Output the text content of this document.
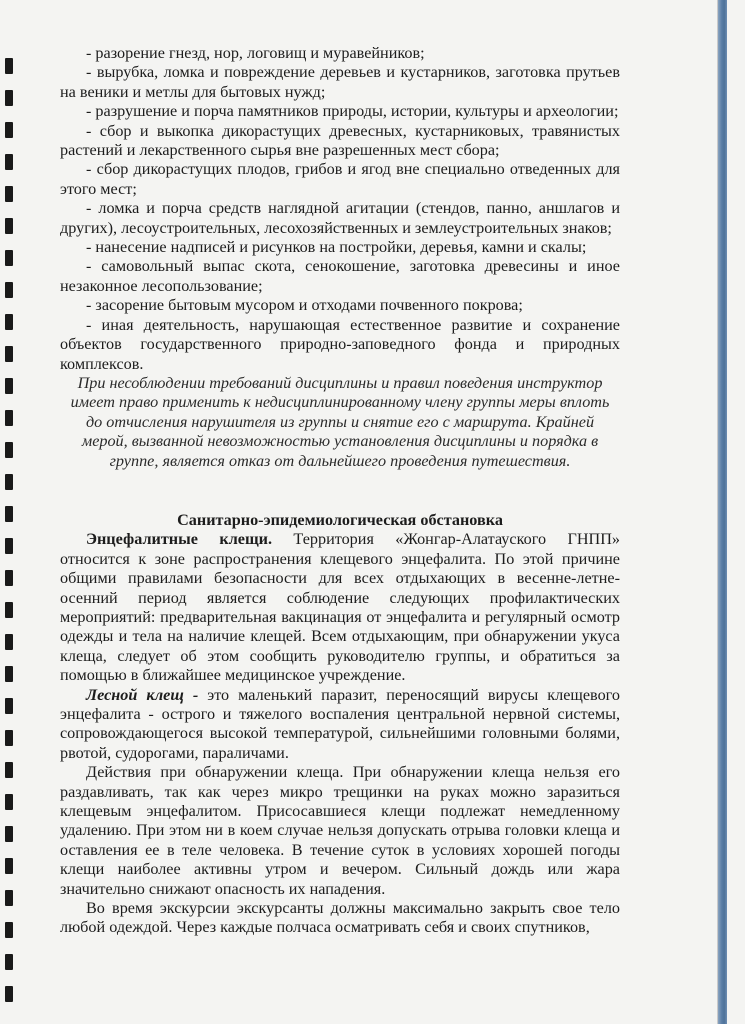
- разорение гнезд, нор, логовищ и муравейников;

- вырубка, ломка и повреждение деревьев и кустарников, заготовка прутьев на веники и метлы для бытовых нужд;

- разрушение и порча памятников природы, истории, культуры и археологии;

- сбор и выкопка дикорастущих древесных, кустарниковых, травянистых растений и лекарственного сырья вне разрешенных мест сбора;

- сбор дикорастущих плодов, грибов и ягод вне специально отведенных для этого мест;

- ломка и порча средств наглядной агитации (стендов, панно, аншлагов и других), лесоустроительных, лесохозяйственных и землеустроительных знаков;

- нанесение надписей и рисунков на постройки, деревья, камни и скалы;

- самовольный выпас скота, сенокошение, заготовка древесины и иное незаконное лесопользование;

- засорение бытовым мусором и отходами почвенного покрова;

- иная деятельность, нарушающая естественное развитие и сохранение объектов государственного природно-заповедного фонда и природных комплексов.

При несоблюдении требований дисциплины и правил поведения инструктор имеет право применить к недисциплинированному члену группы меры вплоть до отчисления нарушителя из группы и снятие его с маршрута. Крайней мерой, вызванной невозможностью установления дисциплины и порядка в группе, является отказ от дальнейшего проведения путешествия.

Санитарно-эпидемиологическая обстановка

Энцефалитные клещи. Территория «Жонгар-Алатауского ГНПП» относится к зоне распространения клещевого энцефалита. По этой причине общими правилами безопасности для всех отдыхающих в весенне-летне-осенний период является соблюдение следующих профилактических мероприятий: предварительная вакцинация от энцефалита и регулярный осмотр одежды и тела на наличие клещей. Всем отдыхающим, при обнаружении укуса клеща, следует об этом сообщить руководителю группы, и обратиться за помощью в ближайшее медицинское учреждение.

Лесной клещ - это маленький паразит, переносящий вирусы клещевого энцефалита - острого и тяжелого воспаления центральной нервной системы, сопровождающегося высокой температурой, сильнейшими головными болями, рвотой, судорогами, параличами.

Действия при обнаружении клеща. При обнаружении клеща нельзя его раздавливать, так как через микро трещинки на руках можно заразиться клещевым энцефалитом. Присосавшиеся клещи подлежат немедленному удалению. При этом ни в коем случае нельзя допускать отрыва головки клеща и оставления ее в теле человека. В течение суток в условиях хорошей погоды клещи наиболее активны утром и вечером. Сильный дождь или жара значительно снижают опасность их нападения.

Во время экскурсии экскурсанты должны максимально закрыть свое тело любой одеждой. Через каждые полчаса осматривать себя и своих спутников,
